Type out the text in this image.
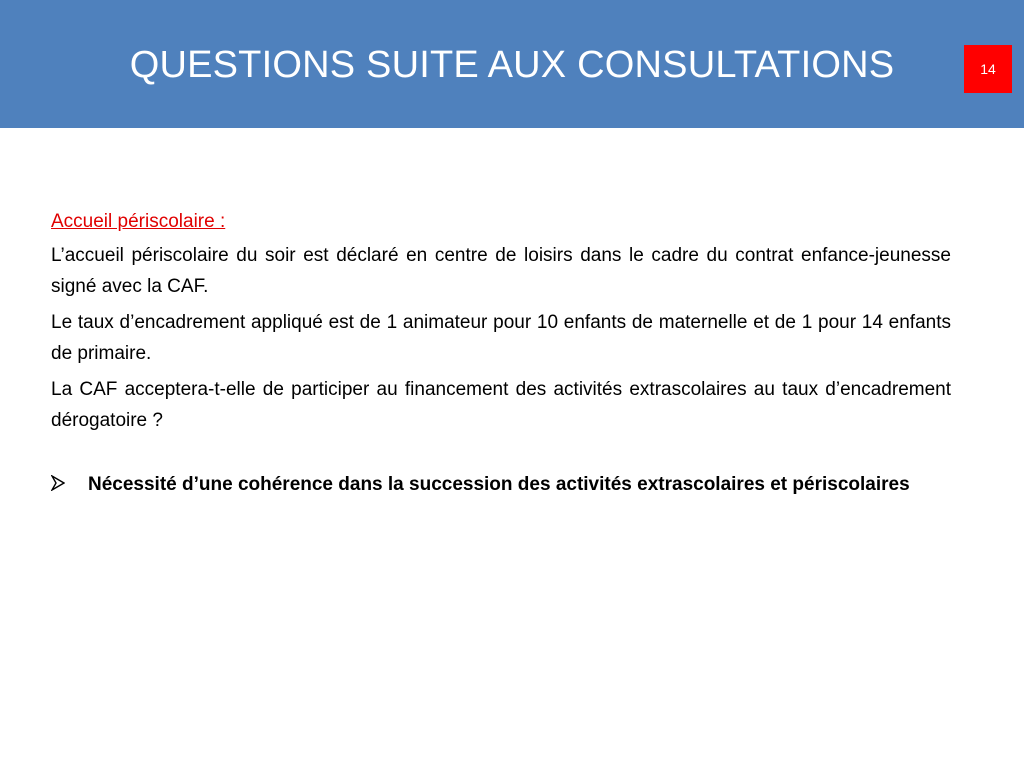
QUESTIONS SUITE AUX CONSULTATIONS	14
Accueil périscolaire :

L’accueil périscolaire du soir est déclaré en centre de loisirs dans le cadre du contrat enfance-jeunesse signé avec la CAF.

Le taux d’encadrement appliqué est de 1 animateur pour 10 enfants de maternelle et de 1 pour 14 enfants de primaire.

La CAF acceptera-t-elle de participer au financement des activités extrascolaires au taux d’encadrement dérogatoire ?

Nécessité d’une cohérence dans la succession des activités extrascolaires et périscolaires
